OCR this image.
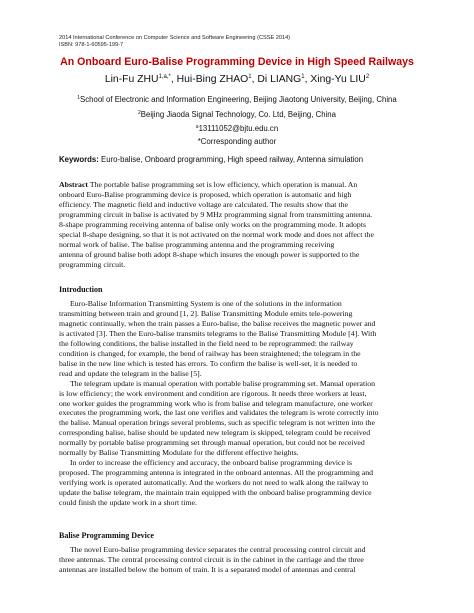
2014 International Conference on Computer Science and Software Engineering (CSSE 2014)
ISBN: 978-1-60595-199-7
An Onboard Euro-Balise Programming Device in High Speed Railways
Lin-Fu $ZHU^{1,a,*}$, Hui-Bing ZHAO$^1$, Di LIANG$^1$, Xing-Yu LIU$^2$
$^1$School of Electronic and Information Engineering, Beijing Jiaotong University, Beijing, China
$^2$Beijing Jiaoda Signal Technology, Co. Ltd, Beijing, China
$^a$13111052@bjtu.edu.cn
*Corresponding author
Keywords: Euro-balise, Onboard programming, High speed railway, Antenna simulation

Abstract The portable balise programming set is low efficiency, which operation is manual. An

onboard Euro-Balise programming device is proposed, which operation is automatic and high

efficiency. The magnetic field and inductive voltage are calculated. The results show that the

programming circuit in balise is activated by 9 MHz programming signal from transmitting antenna.

8-shape programming receiving antenna of balise only works on the programming mode. It adopts

special 8-shape designing, so that it is not activated on the normal work mode and does not affect the

normal work of balise. The balise programming antenna and the programming receiving

antenna of ground balise both adopt 8-shape which insures the enough power is supported to the

programming circuit.

Introduction

Euro-Balise Information Transmitting System is one of the solutions in the information

transmitting between train and ground [1, 2]. Balise Transmitting Module emits tele-powering

magnetic continually, when the train passes a Euro-balise, the balise receives the magnetic power and

is activated [3]. Then the Euro-balise transmits telegrams to the Balise Transmitting Module [4]. With

the following conditions, the balise installed in the field need to be reprogrammed: the railway

condition is changed, for example, the bend of railway has been straightened; the telegram in the

balise in the new line which is tested has errors. To confirm the balise is well-set, it is needed to

read and update the telegram in the balise [5].

The telegram update is manual operation with portable balise programming set. Manual operation

is low efficiency; the work environment and condition are rigorous. It needs three workers at least,

one worker guides the programming work who is from balise and telegram manufacture, one worker

executes the programming work, the last one verifies and validates the telegram is wrote correctly into

the balise. Manual operation brings several problems, such as specific telegram is not written into the

corresponding balise, balise should be updated new telegram is skipped, telegram could be received

normally by portable balise programming set through manual operation, but could not be received

normally by Balise Transmitting Modulate for the different effective heights.

In order to increase the efficiency and accuracy, the onboard balise programming device is

proposed. The programming antenna is integrated in the onboard antennas. All the programming and

verifying work is operated automatically. And the workers do not need to walk along the railway to

update the balise telegram, the maintain train equipped with the onboard balise programming device

could finish the update work in a short time.

Balise Programming Device

The novel Euro-balise programming device separates the central processing control circuit and

three antennas. The central processing control circuit is in the cabinet in the carriage and the three

antennas are installed below the bottom of train. It is a separated model of antennas and central
